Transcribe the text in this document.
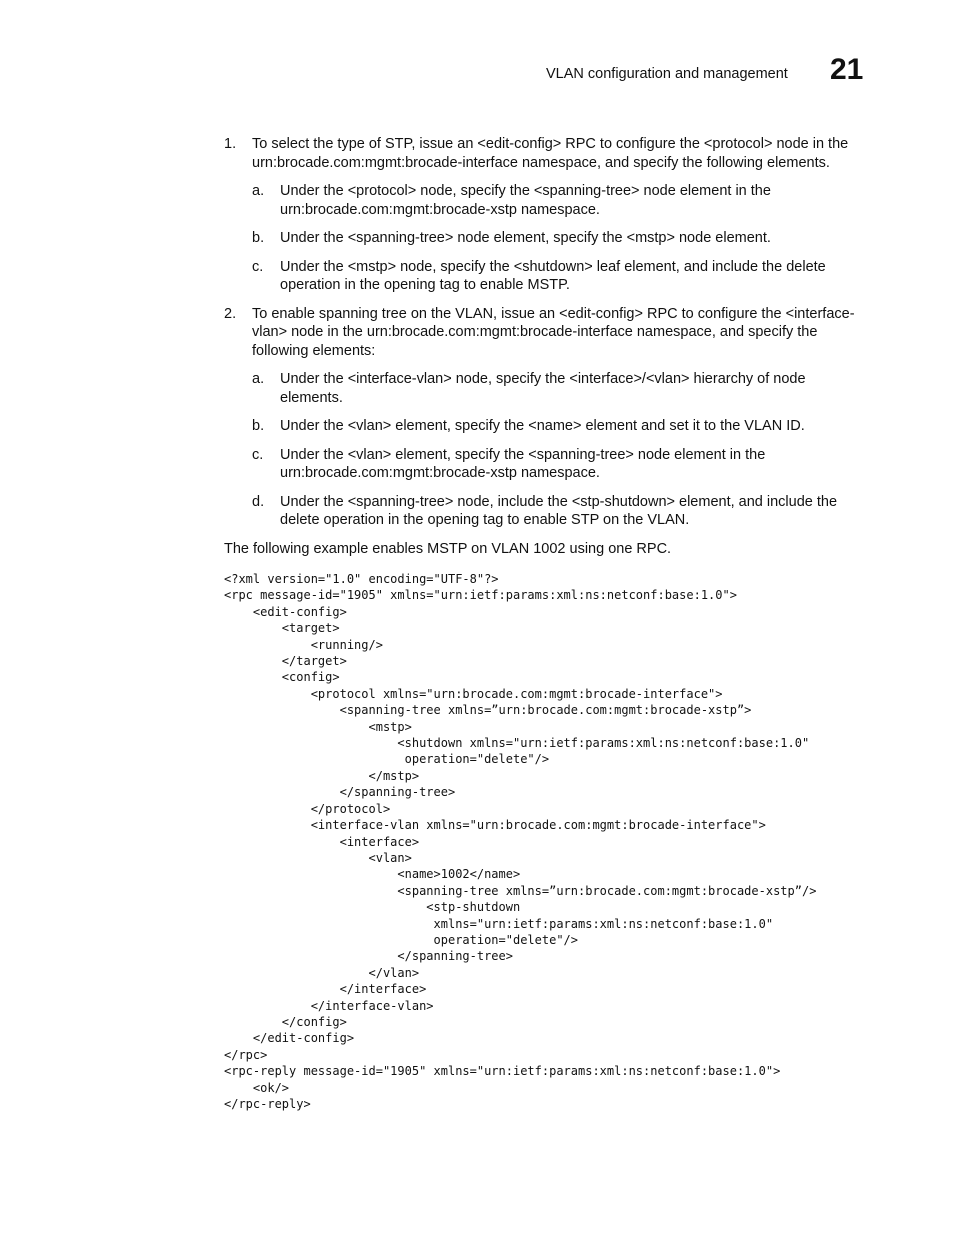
VLAN configuration and management 21
1. To select the type of STP, issue an <edit-config> RPC to configure the <protocol> node in the urn:brocade.com:mgmt:brocade-interface namespace, and specify the following elements.
a. Under the <protocol> node, specify the <spanning-tree> node element in the urn:brocade.com:mgmt:brocade-xstp namespace.
b. Under the <spanning-tree> node element, specify the <mstp> node element.
c. Under the <mstp> node, specify the <shutdown> leaf element, and include the delete operation in the opening tag to enable MSTP.
2. To enable spanning tree on the VLAN, issue an <edit-config> RPC to configure the <interface-vlan> node in the urn:brocade.com:mgmt:brocade-interface namespace, and specify the following elements:
a. Under the <interface-vlan> node, specify the <interface>/<vlan> hierarchy of node elements.
b. Under the <vlan> element, specify the <name> element and set it to the VLAN ID.
c. Under the <vlan> element, specify the <spanning-tree> node element in the urn:brocade.com:mgmt:brocade-xstp namespace.
d. Under the <spanning-tree> node, include the <stp-shutdown> element, and include the delete operation in the opening tag to enable STP on the VLAN.

The following example enables MSTP on VLAN 1002 using one RPC.

<?xml version="1.0" encoding="UTF-8"?>
<rpc message-id="1905" xmlns="urn:ietf:params:xml:ns:netconf:base:1.0">
<edit-config>
<target>
<running/>
</target>
<config>
<protocol xmlns="urn:brocade.com:mgmt:brocade-interface">
<spanning-tree xmlns=”urn:brocade.com:mgmt:brocade-xstp”>
<mstp>
<shutdown xmlns="urn:ietf:params:xml:ns:netconf:base:1.0"
operation="delete"/>
</mstp>
</spanning-tree>
</protocol>
<interface-vlan xmlns="urn:brocade.com:mgmt:brocade-interface">
<interface>
<vlan>
<name>1002</name>
<spanning-tree xmlns=”urn:brocade.com:mgmt:brocade-xstp”/>
<stp-shutdown
xmlns="urn:ietf:params:xml:ns:netconf:base:1.0"
operation="delete"/>
</spanning-tree>
</vlan>
</interface>
</interface-vlan>
</config>
</edit-config>
</rpc>
<rpc-reply message-id="1905" xmlns="urn:ietf:params:xml:ns:netconf:base:1.0">
<ok/>
</rpc-reply>
